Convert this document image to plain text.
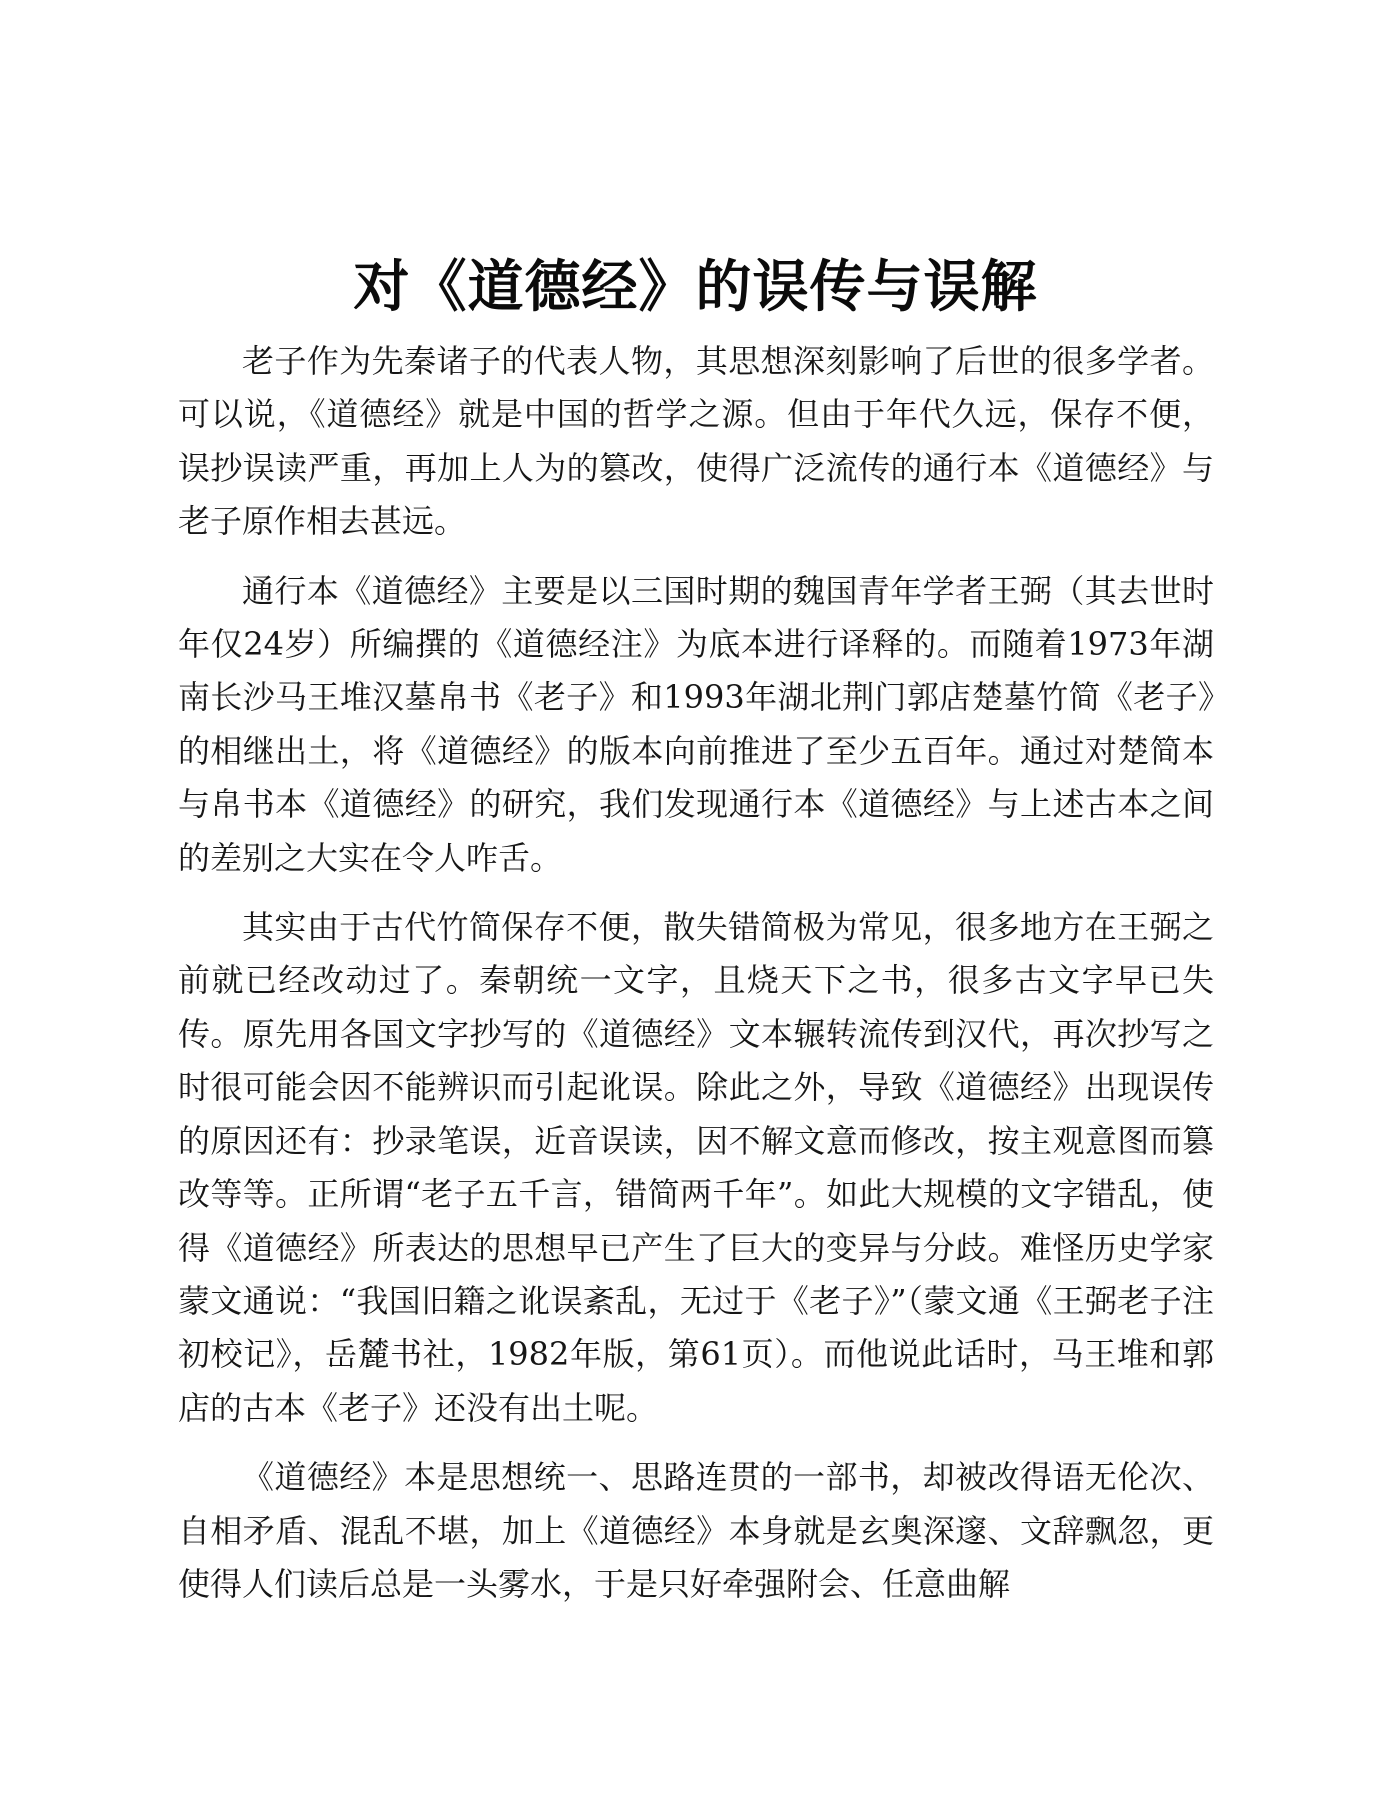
对《道德经》的误传与误解

老子作为先秦诸子的代表人物，其思想深刻影响了后世的很多学者。可以说，《道德经》就是中国的哲学之源。但由于年代久远，保存不便，误抄误读严重，再加上人为的篡改，使得广泛流传的通行本《道德经》与老子原作相去甚远。

通行本《道德经》主要是以三国时期的魏国青年学者王弼（其去世时年仅24岁）所编撰的《道德经注》为底本进行译释的。而随着1973年湖南长沙马王堆汉墓帛书《老子》和1993年湖北荆门郭店楚墓竹简《老子》的相继出土，将《道德经》的版本向前推进了至少五百年。通过对楚简本与帛书本《道德经》的研究，我们发现通行本《道德经》与上述古本之间的差别之大实在令人咋舌。

其实由于古代竹简保存不便，散失错简极为常见，很多地方在王弼之前就已经改动过了。秦朝统一文字，且烧天下之书，很多古文字早已失传。原先用各国文字抄写的《道德经》文本辗转流传到汉代，再次抄写之时很可能会因不能辨识而引起讹误。除此之外，导致《道德经》出现误传的原因还有：抄录笔误，近音误读，因不解文意而修改，按主观意图而篡改等等。正所谓“老子五千言，错简两千年”。如此大规模的文字错乱，使得《道德经》所表达的思想早已产生了巨大的变异与分歧。难怪历史学家蒙文通说：“我国旧籍之讹误紊乱，无过于《老子》”（蒙文通《王弼老子注初校记》，岳麓书社，1982年版，第61页）。而他说此话时，马王堆和郭店的古本《老子》还没有出土呢。

《道德经》本是思想统一、思路连贯的一部书，却被改得语无伦次、自相矛盾、混乱不堪，加上《道德经》本身就是玄奥深邃、文辞飘忽，更使得人们读后总是一头雾水，于是只好牵强附会、任意曲解
